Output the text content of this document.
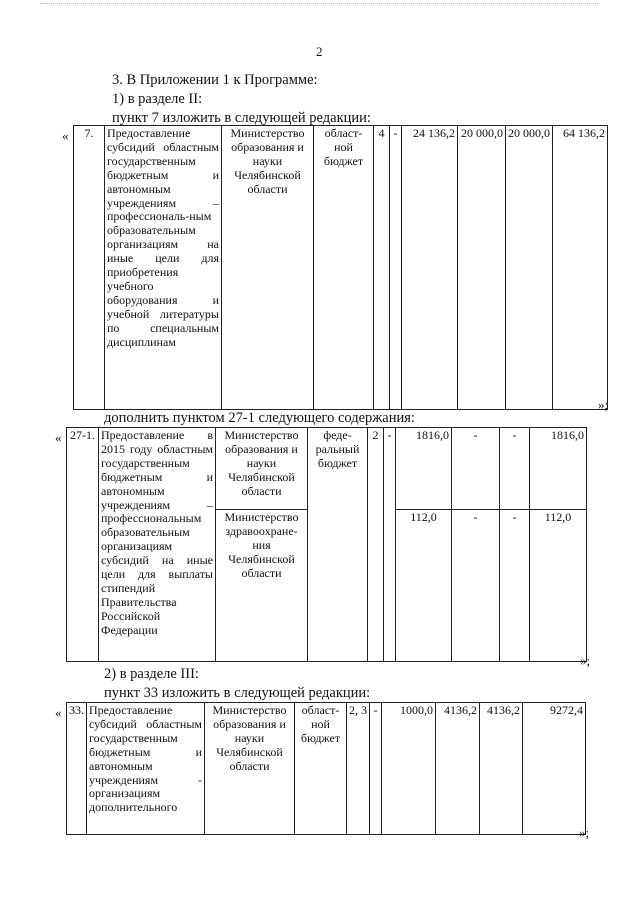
2
3. В Приложении 1 к Программе:
1) в разделе II:
пункт 7 изложить в следующей редакции:
« 7.	Предоставление субсидий областным государственным бюджетным и автономным учреждениям – профессиональ-ным образовательным организациям на иные цели для приобретения учебного оборудования и учебной литературы по специальным дисциплинам	Министерство образования и науки Челябинской области	област-ной бюджет	4	-	24 136,2	20 000,0	20 000,0	64 136,2
»;
дополнить пунктом 27-1 следующего содержания:
« 27-1.	Предоставление в 2015 году областным государственным бюджетным и автономным учреждениям – профессиональным образовательным организациям субсидий на иные цели для выплаты стипендий Правительства Российской Федерации	Министерство образования и науки Челябинской области	феде-ральный бюджет	2	-	1816,0	-	-	1816,0
		Министерство здравоохране-ния Челябинской области				112,0	-	-	112,0
»;
2) в разделе III:
пункт 33 изложить в следующей редакции:
« 33.	Предоставление субсидий областным государственным бюджетным и автономным учреждениям - организациям дополнительного	Министерство образования и науки Челябинской области	област-ной бюджет	2, 3	-	1000,0	4136,2	4136,2	9272,4
»;
